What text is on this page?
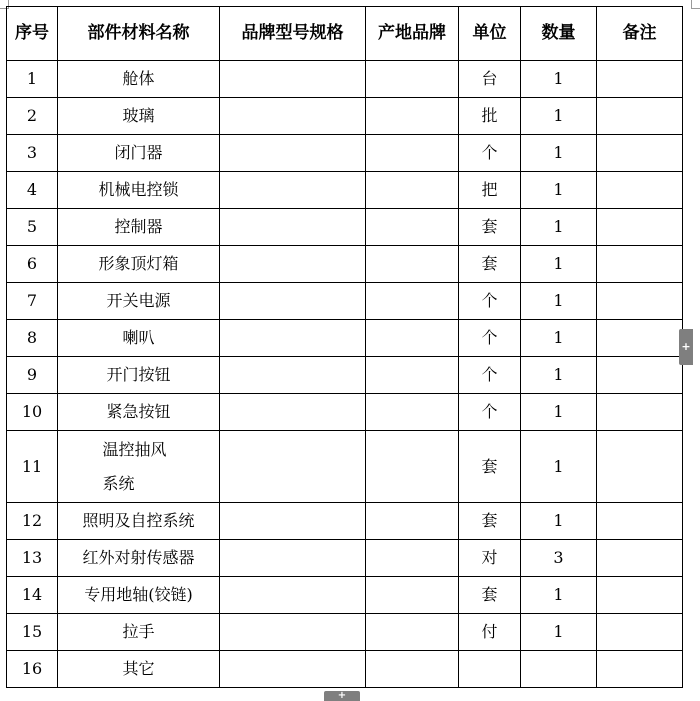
序号	部件材料名称	品牌型号规格	产地品牌	单位	数量	备注
1	舱体			台	1	
2	玻璃			批	1	
3	闭门器			个	1	
4	机械电控锁			把	1	
5	控制器			套	1	
6	形象顶灯箱			套	1	
7	开关电源			个	1	
8	喇叭			个	1	
9	开门按钮			个	1	
10	紧急按钮			个	1	
11	温控抽风系统			套	1	
12	照明及自控系统			套	1	
13	红外对射传感器			对	3	
14	专用地轴(铰链)			套	1	
15	拉手			付	1	
16	其它					
+
+
